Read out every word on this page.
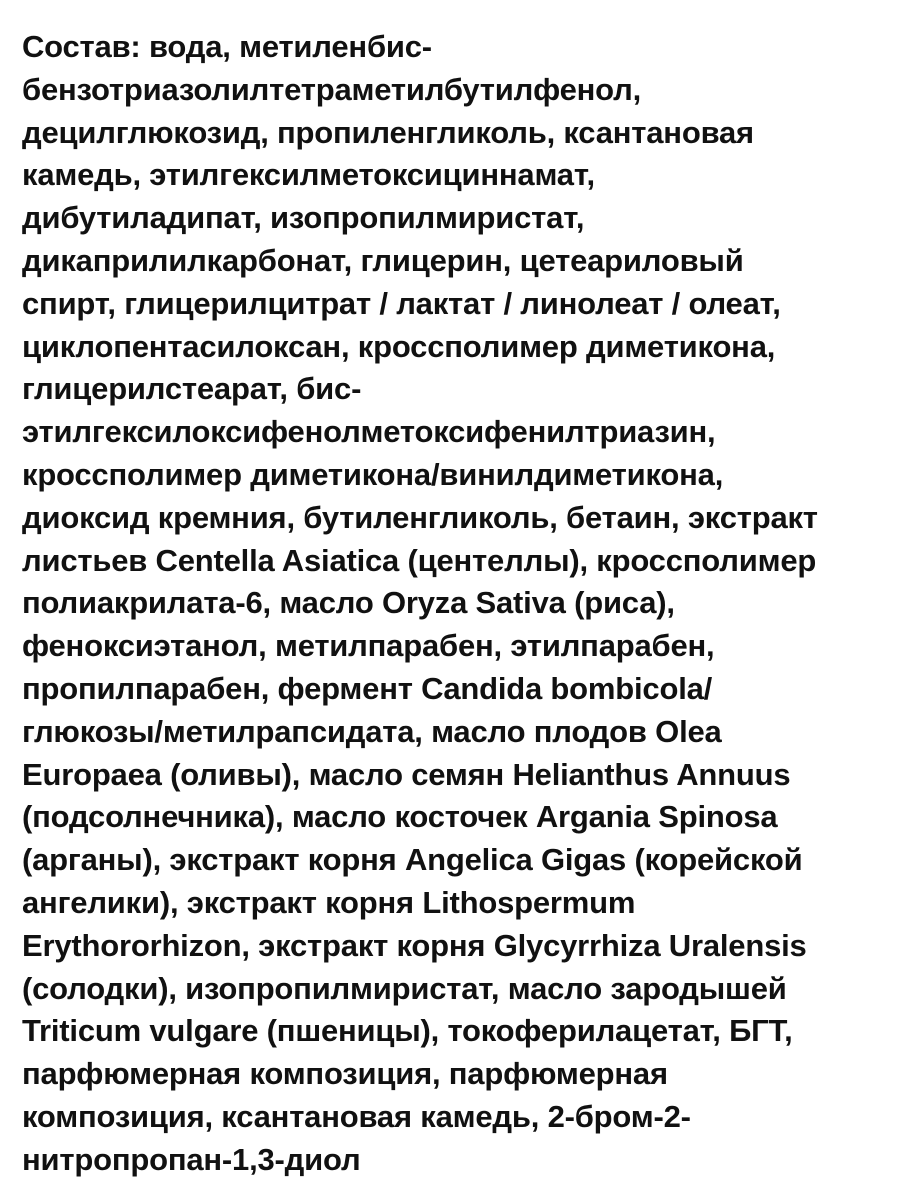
Состав: вода, метиленбис-
бензотриазолилтетраметилбутилфенол,
децилглюкозид, пропиленгликоль, ксантановая
камедь, этилгексилметоксициннамат,
дибутиладипат, изопропилмиристат,
дикаприлилкарбонат, глицерин, цетеариловый
спирт, глицерилцитрат / лактат / линолеат / олеат,
циклопентасилоксан, кроссполимер диметикона,
глицерилстеарат, бис-
этилгексилоксифенолметоксифенилтриазин,
кроссполимер диметикона/винилдиметикона,
диоксид кремния, бутиленгликоль, бетаин, экстракт
листьев Centella Asiatica (центеллы), кроссполимер
полиакрилата-6, масло Oryza Sativa (риса),
феноксиэтанол, метилпарабен, этилпарабен,
пропилпарабен, фермент Candida bombicola/
глюкозы/метилрапсидата, масло плодов Olea
Europaea (оливы), масло семян Helianthus Annuus
(подсолнечника), масло косточек Argania Spinosa
(арганы), экстракт корня Angelica Gigas (корейской
ангелики), экстракт корня Lithospermum
Erythororhizon, экстракт корня Glycyrrhiza Uralensis
(солодки), изопропилмиристат, масло зародышей
Triticum vulgare (пшеницы), токоферилацетат, БГТ,
парфюмерная композиция, парфюмерная
композиция, ксантановая камедь, 2-бром-2-
нитропропан-1,3-диол
